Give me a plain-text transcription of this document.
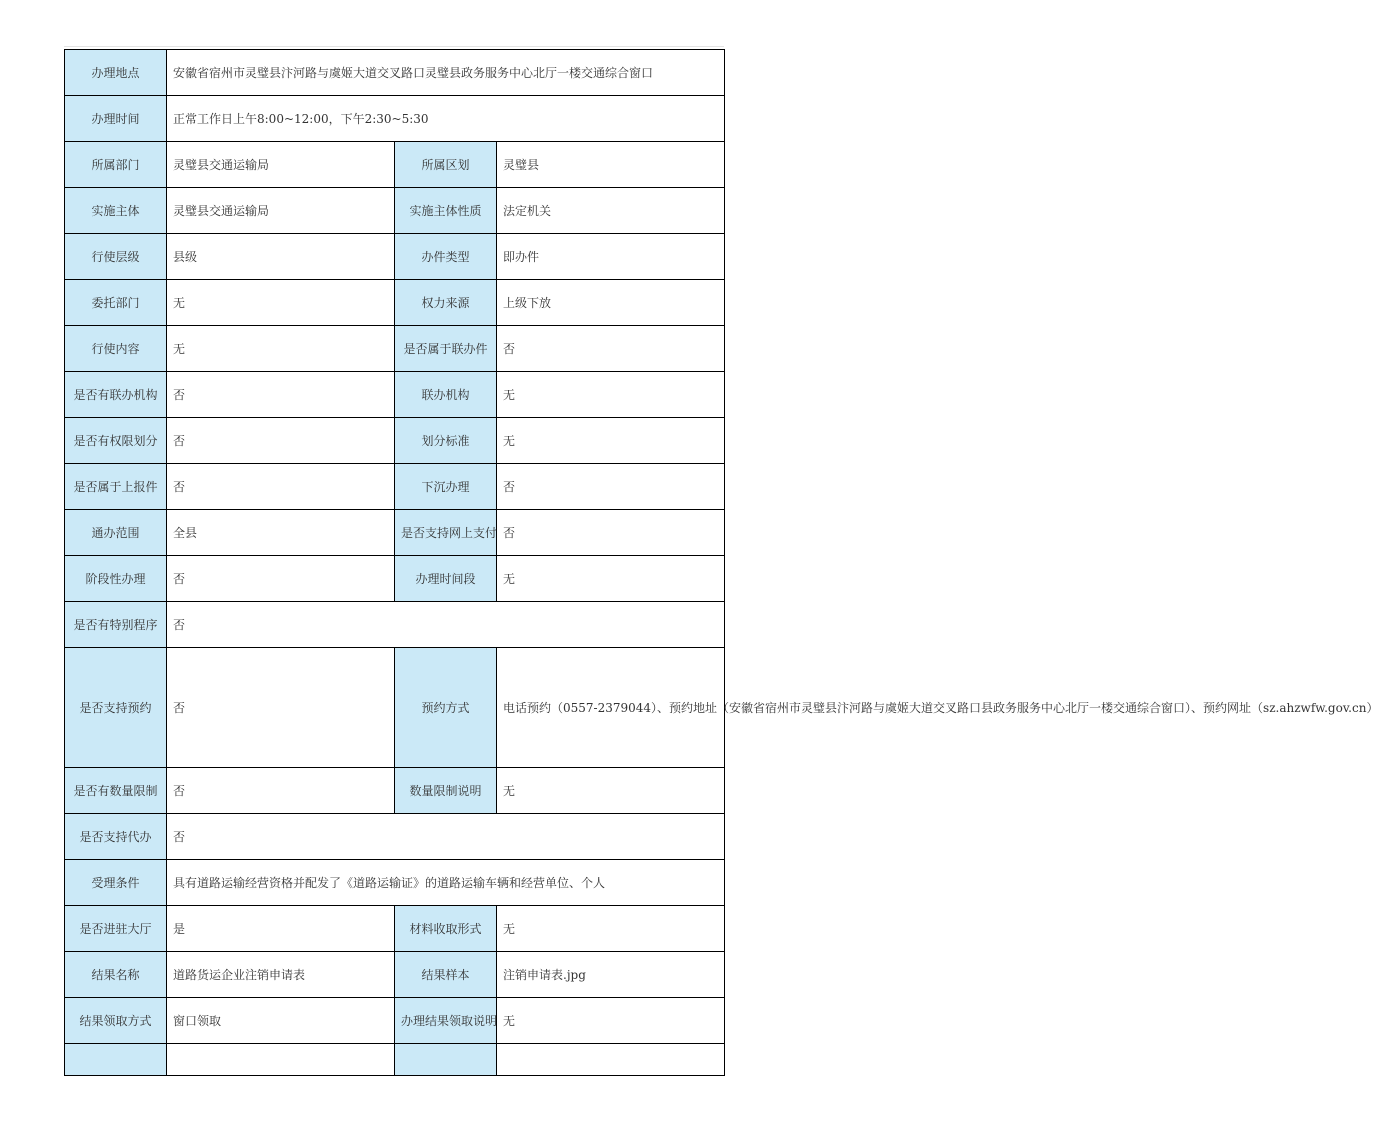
办理地点	安徽省宿州市灵璧县汴河路与虞姬大道交叉路口灵璧县政务服务中心北厅一楼交通综合窗口		
办理时间	正常工作日上午8:00~12:00，下午2:30~5:30		
所属部门	灵璧县交通运输局	所属区划	灵璧县
实施主体	灵璧县交通运输局	实施主体性质	法定机关
行使层级	县级	办件类型	即办件
委托部门	无	权力来源	上级下放
行使内容	无	是否属于联办件	否
是否有联办机构	否	联办机构	无
是否有权限划分	否	划分标准	无
是否属于上报件	否	下沉办理	否
通办范围	全县	是否支持网上支付	否
阶段性办理	否	办理时间段	无
是否有特别程序	否		
是否支持预约	否	预约方式	电话预约（0557-2379044）、预约地址（安徽省宿州市灵璧县汴河路与虞姬大道交叉路口县政务服务中心北厅一楼交通综合窗口）、预约网址（sz.ahzwfw.gov.cn）
是否有数量限制	否	数量限制说明	无
是否支持代办	否		
受理条件	具有道路运输经营资格并配发了《道路运输证》的道路运输车辆和经营单位、个人		
是否进驻大厅	是	材料收取形式	无
结果名称	道路货运企业注销申请表	结果样本	注销申请表.jpg
结果领取方式	窗口领取	办理结果领取说明	无
